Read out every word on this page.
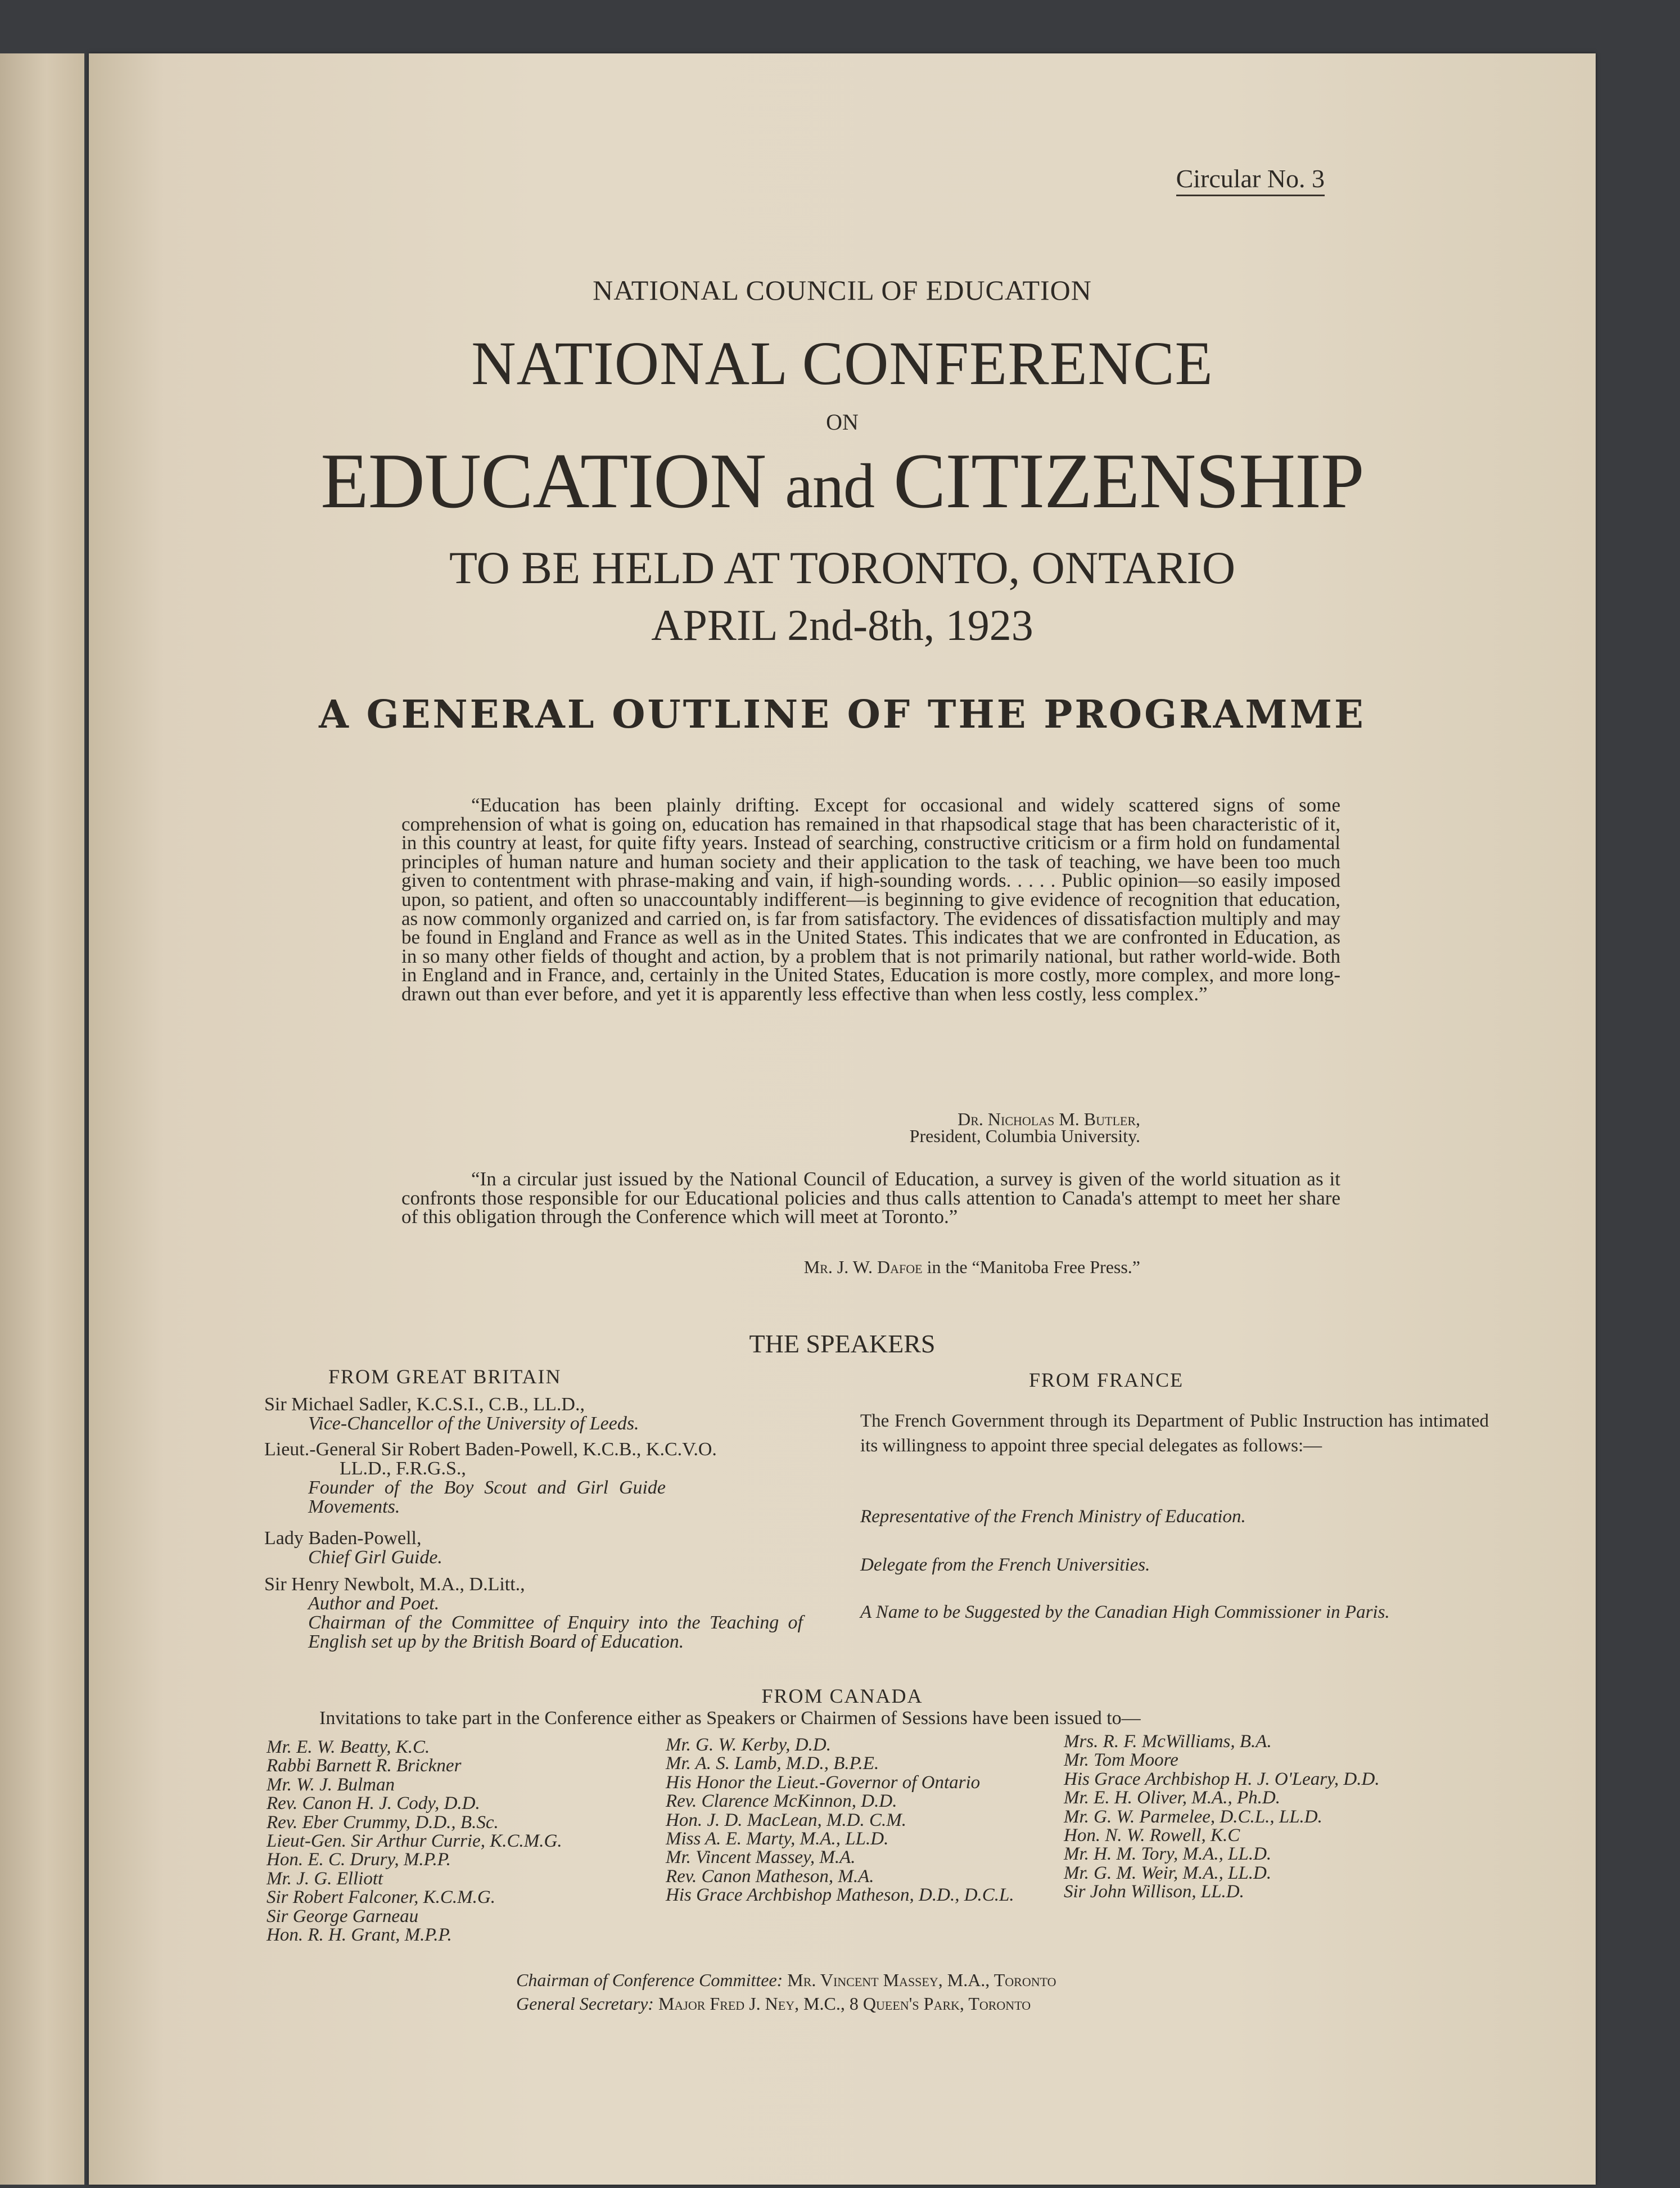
Circular No. 3
NATIONAL COUNCIL OF EDUCATION
NATIONAL CONFERENCE
ON
EDUCATION and CITIZENSHIP
TO BE HELD AT TORONTO, ONTARIO
APRIL 2nd-8th, 1923
A GENERAL OUTLINE OF THE PROGRAMME

“Education has been plainly drifting. Except for occasional and widely scattered signs of some comprehension of what is going on, education has remained in that rhapsodical stage that has been characteristic of it, in this country at least, for quite fifty years. Instead of searching, constructive criticism or a firm hold on fundamental principles of human nature and human society and their application to the task of teaching, we have been too much given to contentment with phrase-making and vain, if high-sounding words. . . . . Public opinion—so easily imposed upon, so patient, and often so unaccountably indifferent—is beginning to give evidence of recognition that education, as now commonly organized and carried on, is far from satisfactory. The evidences of dissatisfaction multiply and may be found in England and France as well as in the United States. This indicates that we are confronted in Education, as in so many other fields of thought and action, by a problem that is not primarily national, but rather world-wide. Both in England and in France, and, certainly in the United States, Education is more costly, more complex, and more long-drawn out than ever before, and yet it is apparently less effective than when less costly, less complex.”

Dr. Nicholas M. Butler,
President, Columbia University.

“In a circular just issued by the National Council of Education, a survey is given of the world situation as it confronts those responsible for our Educational policies and thus calls attention to Canada's attempt to meet her share of this obligation through the Conference which will meet at Toronto.”

Mr. J. W. Dafoe in the “Manitoba Free Press.”
THE SPEAKERS
FROM GREAT BRITAIN
Sir Michael Sadler, K.C.S.I., C.B., LL.D.,
Vice-Chancellor of the University of Leeds.
Lieut.-General Sir Robert Baden-Powell, K.C.B., K.C.V.O.
LL.D., F.R.G.S.,

Founder of the Boy Scout and Girl Guide Movements.

Lady Baden-Powell,
Chief Girl Guide.
Sir Henry Newbolt, M.A., D.Litt.,
Author and Poet.

Chairman of the Committee of Enquiry into the Teaching of English set up by the British Board of Education.

FROM FRANCE

The French Government through its Department of Public Instruction has intimated its willingness to appoint three special delegates as follows:—

Representative of the French Ministry of Education.
Delegate from the French Universities.

A Name to be Suggested by the Canadian High Commissioner in Paris.

FROM CANADA
Invitations to take part in the Conference either as Speakers or Chairmen of Sessions have been issued to—
Mr. E. W. Beatty, K.C.
Rabbi Barnett R. Brickner
Mr. W. J. Bulman
Rev. Canon H. J. Cody, D.D.
Rev. Eber Crummy, D.D., B.Sc.
Lieut-Gen. Sir Arthur Currie, K.C.M.G.
Hon. E. C. Drury, M.P.P.
Mr. J. G. Elliott
Sir Robert Falconer, K.C.M.G.
Sir George Garneau
Hon. R. H. Grant, M.P.P.
Mr. G. W. Kerby, D.D.
Mr. A. S. Lamb, M.D., B.P.E.
His Honor the Lieut.-Governor of Ontario
Rev. Clarence McKinnon, D.D.
Hon. J. D. MacLean, M.D. C.M.
Miss A. E. Marty, M.A., LL.D.
Mr. Vincent Massey, M.A.
Rev. Canon Matheson, M.A.
His Grace Archbishop Matheson, D.D., D.C.L.
Mrs. R. F. McWilliams, B.A.
Mr. Tom Moore
His Grace Archbishop H. J. O'Leary, D.D.
Mr. E. H. Oliver, M.A., Ph.D.
Mr. G. W. Parmelee, D.C.L., LL.D.
Hon. N. W. Rowell, K.C
Mr. H. M. Tory, M.A., LL.D.
Mr. G. M. Weir, M.A., LL.D.
Sir John Willison, LL.D.
Chairman of Conference Committee: Mr. Vincent Massey, M.A., Toronto
General Secretary: Major Fred J. Ney, M.C., 8 Queen's Park, Toronto
